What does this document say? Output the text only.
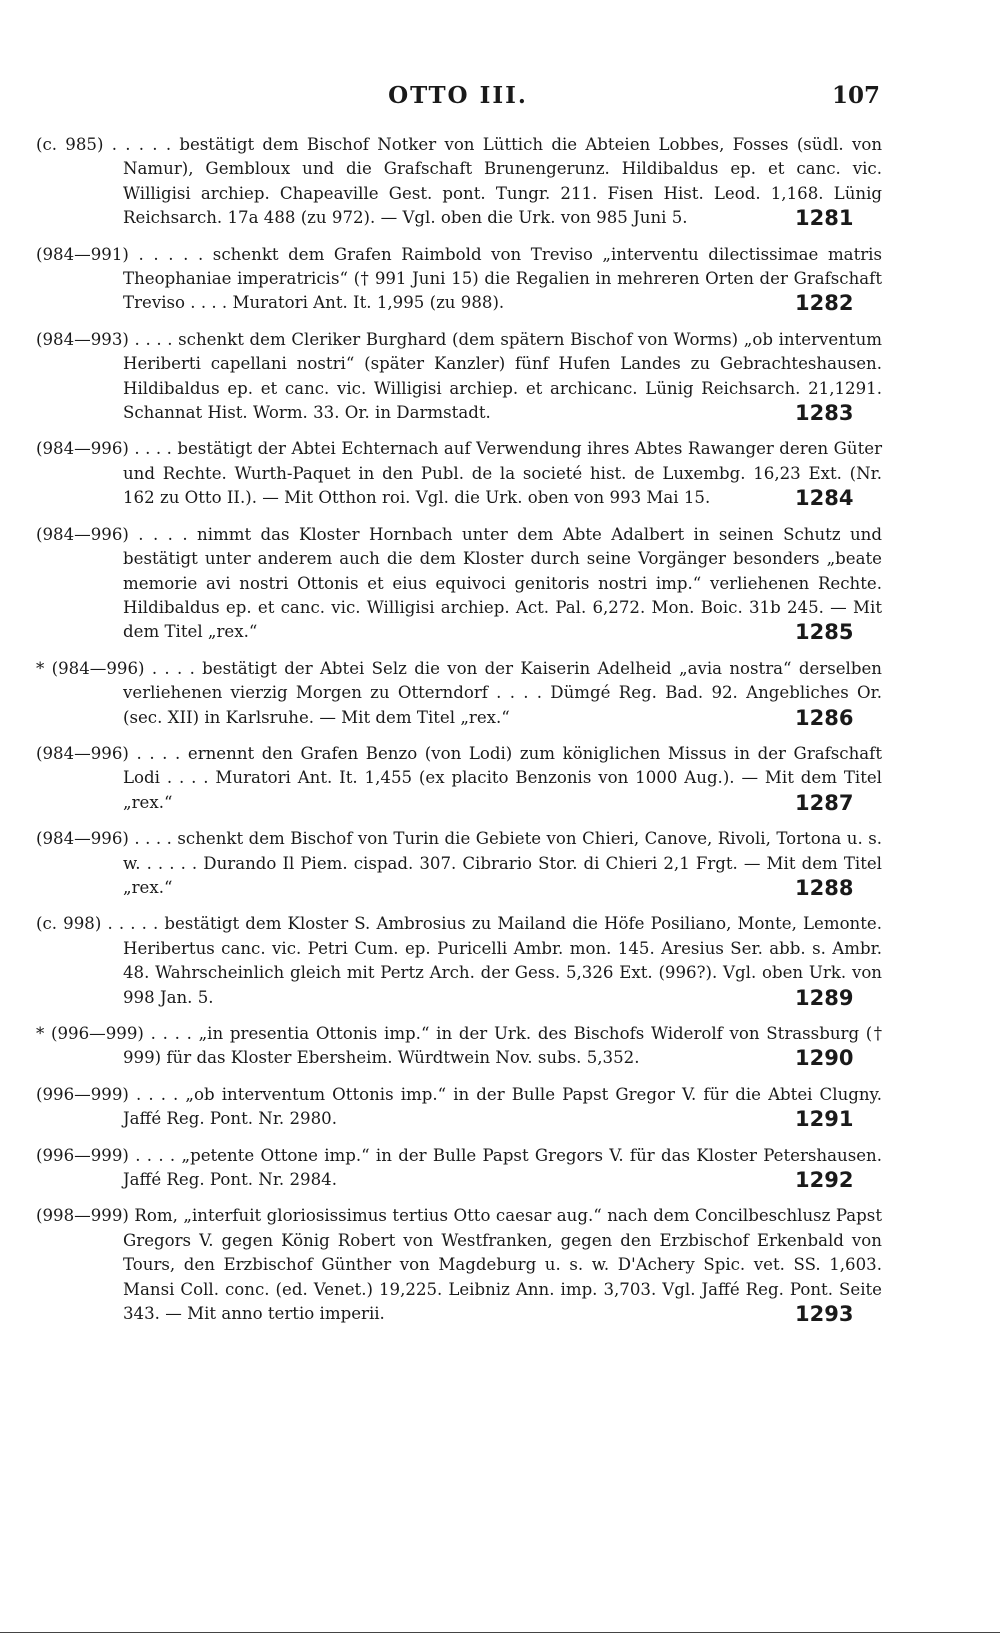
OTTO III.	107
(c. 985) . . . . . bestätigt dem Bischof Notker von Lüttich die Abteien Lobbes, Fosses (südl. von Namur), Gembloux und die Grafschaft Brunengerunz. Hildibaldus ep. et canc. vic. Willigisi archiep. Chapeaville Gest. pont. Tungr. 211. Fisen Hist. Leod. 1,168. Lünig Reichsarch. 17a 488 (zu 972). — Vgl. oben die Urk. von 985 Juni 5.	1281
(984—991) . . . . . schenkt dem Grafen Raimbold von Treviso „interventu dilectissimae matris Theophaniae imperatricis“ († 991 Juni 15) die Regalien in mehreren Orten der Grafschaft Treviso . . . . Muratori Ant. It. 1,995 (zu 988).	1282
(984—993) . . . . schenkt dem Cleriker Burghard (dem spätern Bischof von Worms) „ob interventum Heriberti capellani nostri“ (später Kanzler) fünf Hufen Landes zu Gebrachteshausen. Hildibaldus ep. et canc. vic. Willigisi archiep. et archicanc. Lünig Reichsarch. 21,1291. Schannat Hist. Worm. 33. Or. in Darmstadt.	1283
(984—996) . . . . bestätigt der Abtei Echternach auf Verwendung ihres Abtes Rawanger deren Güter und Rechte. Wurth-Paquet in den Publ. de la societé hist. de Luxembg. 16,23 Ext. (Nr. 162 zu Otto II.). — Mit Otthon roi. Vgl. die Urk. oben von 993 Mai 15.	1284
(984—996) . . . . nimmt das Kloster Hornbach unter dem Abte Adalbert in seinen Schutz und bestätigt unter anderem auch die dem Kloster durch seine Vorgänger besonders „beate memorie avi nostri Ottonis et eius equivoci genitoris nostri imp.“ verliehenen Rechte. Hildibaldus ep. et canc. vic. Willigisi archiep. Act. Pal. 6,272. Mon. Boic. 31b 245. — Mit dem Titel „rex.“	1285
* (984—996) . . . . bestätigt der Abtei Selz die von der Kaiserin Adelheid „avia nostra“ derselben verliehenen vierzig Morgen zu Otterndorf . . . . Dümgé Reg. Bad. 92. Angebliches Or. (sec. XII) in Karlsruhe. — Mit dem Titel „rex.“	1286
(984—996) . . . . ernennt den Grafen Benzo (von Lodi) zum königlichen Missus in der Grafschaft Lodi . . . . Muratori Ant. It. 1,455 (ex placito Benzonis von 1000 Aug.). — Mit dem Titel „rex.“	1287
(984—996) . . . . schenkt dem Bischof von Turin die Gebiete von Chieri, Canove, Rivoli, Tortona u. s. w. . . . . . Durando Il Piem. cispad. 307. Cibrario Stor. di Chieri 2,1 Frgt. — Mit dem Titel „rex.“	1288
(c. 998) . . . . . bestätigt dem Kloster S. Ambrosius zu Mailand die Höfe Posiliano, Monte, Lemonte. Heribertus canc. vic. Petri Cum. ep. Puricelli Ambr. mon. 145. Aresius Ser. abb. s. Ambr. 48. Wahrscheinlich gleich mit Pertz Arch. der Gess. 5,326 Ext. (996?). Vgl. oben Urk. von 998 Jan. 5.	1289
* (996—999) . . . . „in presentia Ottonis imp.“ in der Urk. des Bischofs Widerolf von Strassburg († 999) für das Kloster Ebersheim. Würdtwein Nov. subs. 5,352.	1290
(996—999) . . . . „ob interventum Ottonis imp.“ in der Bulle Papst Gregor V. für die Abtei Clugny. Jaffé Reg. Pont. Nr. 2980.	1291
(996—999) . . . . „petente Ottone imp.“ in der Bulle Papst Gregors V. für das Kloster Petershausen. Jaffé Reg. Pont. Nr. 2984.	1292
(998—999) Rom, „interfuit gloriosissimus tertius Otto caesar aug.“ nach dem Concilbeschlusz Papst Gregors V. gegen König Robert von Westfranken, gegen den Erzbischof Erkenbald von Tours, den Erzbischof Günther von Magdeburg u. s. w. D'Achery Spic. vet. SS. 1,603. Mansi Coll. conc. (ed. Venet.) 19,225. Leibniz Ann. imp. 3,703. Vgl. Jaffé Reg. Pont. Seite 343. — Mit anno tertio imperii.	1293
